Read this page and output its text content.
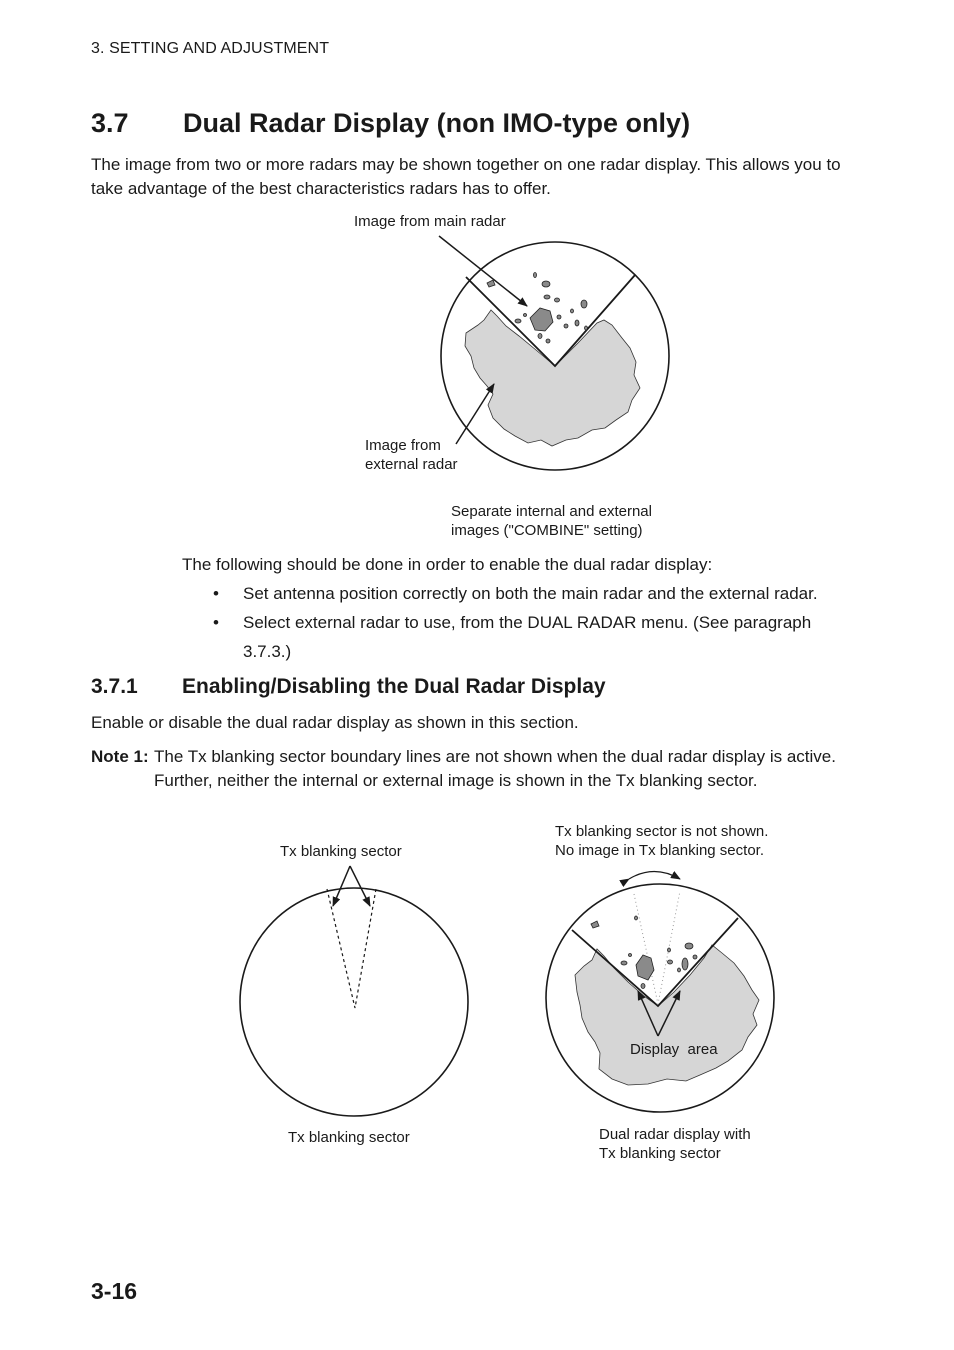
3. SETTING AND ADJUSTMENT
3.7 Dual Radar Display (non IMO-type only)
The image from two or more radars may be shown together on one radar display. This allows you to take advantage of the best characteristics radars has to offer.
Image from main radar
Image from
external radar
Separate internal and external
images ("COMBINE" setting)
The following should be done in order to enable the dual radar display:
• Set antenna position correctly on both the main radar and the external radar.
• Select external radar to use, from the DUAL RADAR menu. (See paragraph 3.7.3.)
3.7.1 Enabling/Disabling the Dual Radar Display
Enable or disable the dual radar display as shown in this section.
Note 1: The Tx blanking sector boundary lines are not shown when the dual radar display is active. Further, neither the internal or external image is shown in the Tx blanking sector.
Tx blanking sector
Tx blanking sector is not shown.
No image in Tx blanking sector.
Display  area
Tx blanking sector	Dual radar display with
Tx blanking sector
3-16
